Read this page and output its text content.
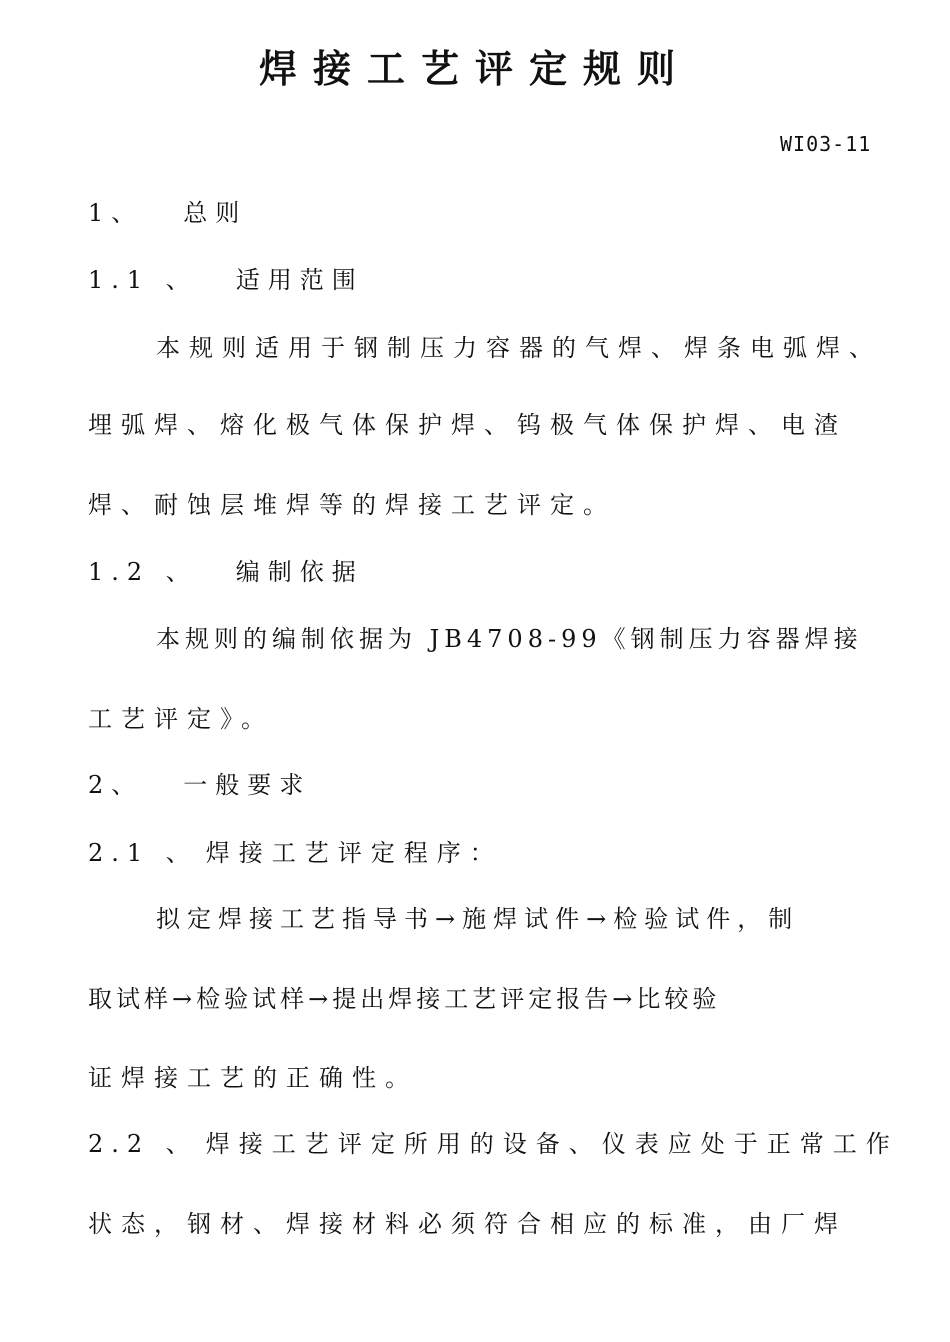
焊接工艺评定规则
WI03-11
1、 总则
1.1 、 适用范围
本规则适用于钢制压力容器的气焊、焊条电弧焊、
埋弧焊、熔化极气体保护焊、钨极气体保护焊、电渣
焊、耐蚀层堆焊等的焊接工艺评定。
1.2 、 编制依据
本规则的编制依据为 JB4708-99《钢制压力容器焊接
工艺评定》。
2、 一般要求
2.1 、 焊接工艺评定程序：
拟定焊接工艺指导书→施焊试件→检验试件，制
取试样→检验试样→提出焊接工艺评定报告→比较验
证焊接工艺的正确性。
2.2 、 焊接工艺评定所用的设备、仪表应处于正常工作
状态，钢材、焊接材料必须符合相应的标准，由厂焊
